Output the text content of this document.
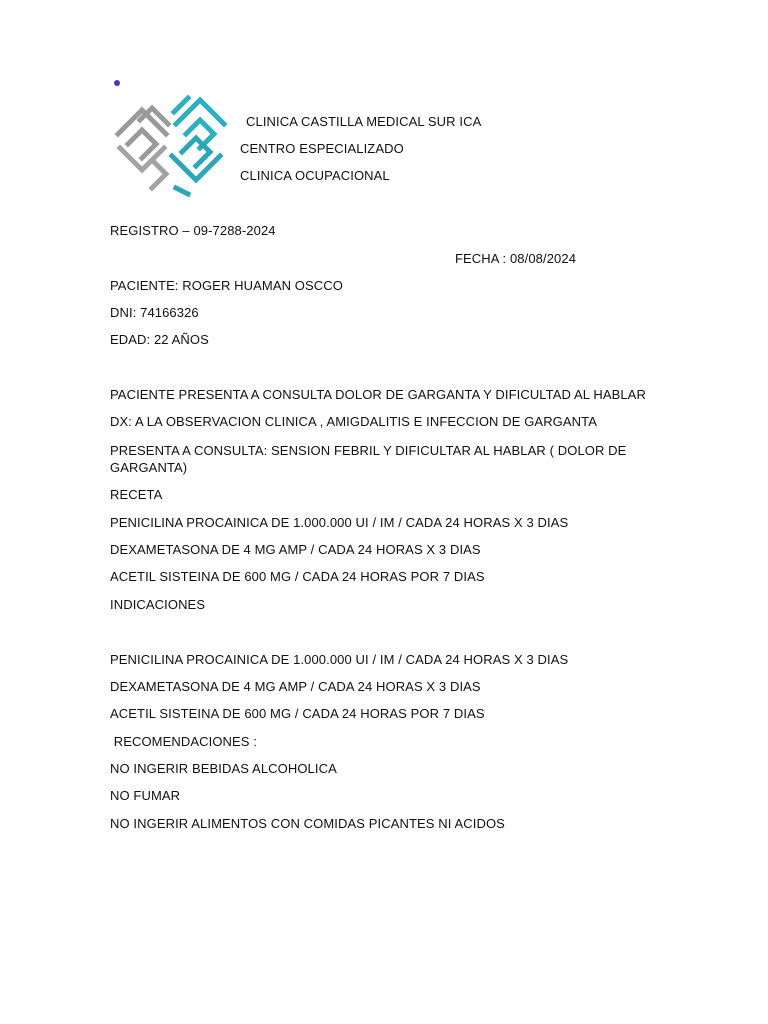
CLINICA CASTILLA MEDICAL SUR ICA
CENTRO ESPECIALIZADO
CLINICA OCUPACIONAL
REGISTRO – 09-7288-2024
FECHA : 08/08/2024
PACIENTE: ROGER HUAMAN OSCCO
DNI: 74166326
EDAD: 22 AÑOS
PACIENTE PRESENTA A CONSULTA DOLOR DE GARGANTA Y DIFICULTAD AL HABLAR
DX: A LA OBSERVACION CLINICA , AMIGDALITIS E INFECCION DE GARGANTA
PRESENTA A CONSULTA: SENSION FEBRIL Y DIFICULTAR AL HABLAR ( DOLOR DE GARGANTA)
RECETA
PENICILINA PROCAINICA DE 1.000.000 UI / IM / CADA 24 HORAS X 3 DIAS
DEXAMETASONA DE 4 MG AMP / CADA 24 HORAS X 3 DIAS
ACETIL SISTEINA DE 600 MG / CADA 24 HORAS POR 7 DIAS
INDICACIONES
PENICILINA PROCAINICA DE 1.000.000 UI / IM / CADA 24 HORAS X 3 DIAS
DEXAMETASONA DE 4 MG AMP / CADA 24 HORAS X 3 DIAS
ACETIL SISTEINA DE 600 MG / CADA 24 HORAS POR 7 DIAS
RECOMENDACIONES :
NO INGERIR BEBIDAS ALCOHOLICA
NO FUMAR
NO INGERIR ALIMENTOS CON COMIDAS PICANTES NI ACIDOS
